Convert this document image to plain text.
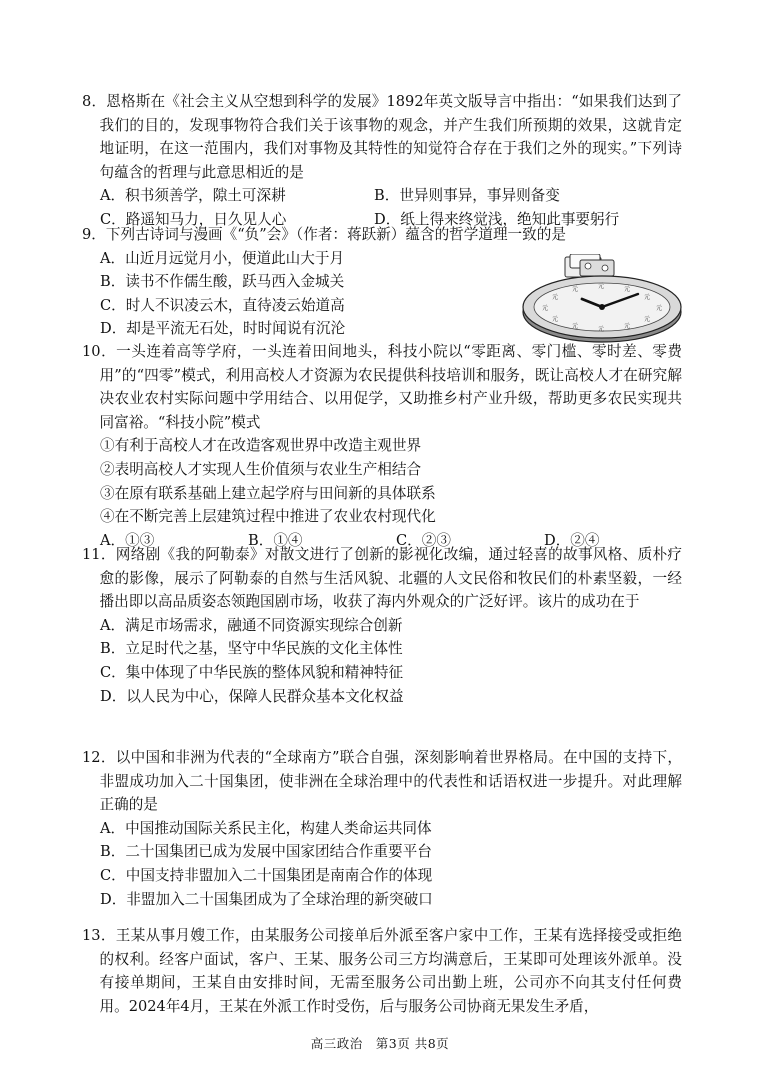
8．恩格斯在《社会主义从空想到科学的发展》1892年英文版导言中指出：“如果我们达到了我们的目的，发现事物符合我们关于该事物的观念，并产生我们所预期的效果，这就肯定地证明，在这一范围内，我们对事物及其特性的知觉符合存在于我们之外的现实。”下列诗句蕴含的哲理与此意思相近的是

A．积书须善学，隙土可深耕	B．世异则事异，事异则备变
C．路遥知马力，日久见人心	D．纸上得来终觉浅，绝知此事要躬行

9．下列古诗词与漫画《“负”会》（作者：蒋跃新）蕴含的哲学道理一致的是

A．山近月远觉月小，便道此山大于月
B．读书不作儒生酸，跃马西入金城关
C．时人不识凌云木，直待凌云始道高
D．却是平流无石处，时时闻说有沉沦
元	元
元
元
元
元
元
元
元
元
元
元

10．一头连着高等学府，一头连着田间地头，科技小院以“零距离、零门槛、零时差、零费用”的“四零”模式，利用高校人才资源为农民提供科技培训和服务，既让高校人才在研究解决农业农村实际问题中学用结合、以用促学，又助推乡村产业升级，帮助更多农民实现共同富裕。“科技小院”模式

①有利于高校人才在改造客观世界中改造主观世界
②表明高校人才实现人生价值须与农业生产相结合
③在原有联系基础上建立起学府与田间新的具体联系
④在不断完善上层建筑过程中推进了农业农村现代化
A．①③	B．①④	C．②③	D．②④

11．网络剧《我的阿勒泰》对散文进行了创新的影视化改编，通过轻喜的故事风格、质朴疗愈的影像，展示了阿勒泰的自然与生活风貌、北疆的人文民俗和牧民们的朴素坚毅，一经播出即以高品质姿态领跑国剧市场，收获了海内外观众的广泛好评。该片的成功在于

A．满足市场需求，融通不同资源实现综合创新
B．立足时代之基，坚守中华民族的文化主体性
C．集中体现了中华民族的整体风貌和精神特征
D．以人民为中心，保障人民群众基本文化权益

12．以中国和非洲为代表的“全球南方”联合自强，深刻影响着世界格局。在中国的支持下，非盟成功加入二十国集团，使非洲在全球治理中的代表性和话语权进一步提升。对此理解正确的是

A．中国推动国际关系民主化，构建人类命运共同体
B．二十国集团已成为发展中国家团结合作重要平台
C．中国支持非盟加入二十国集团是南南合作的体现
D．非盟加入二十国集团成为了全球治理的新突破口

13．王某从事月嫂工作，由某服务公司接单后外派至客户家中工作，王某有选择接受或拒绝的权利。经客户面试，客户、王某、服务公司三方均满意后，王某即可处理该外派单。没有接单期间，王某自由安排时间，无需至服务公司出勤上班，公司亦不向其支付任何费用。2024年4月，王某在外派工作时受伤，后与服务公司协商无果发生矛盾，

高三政治　第3页 共8页
